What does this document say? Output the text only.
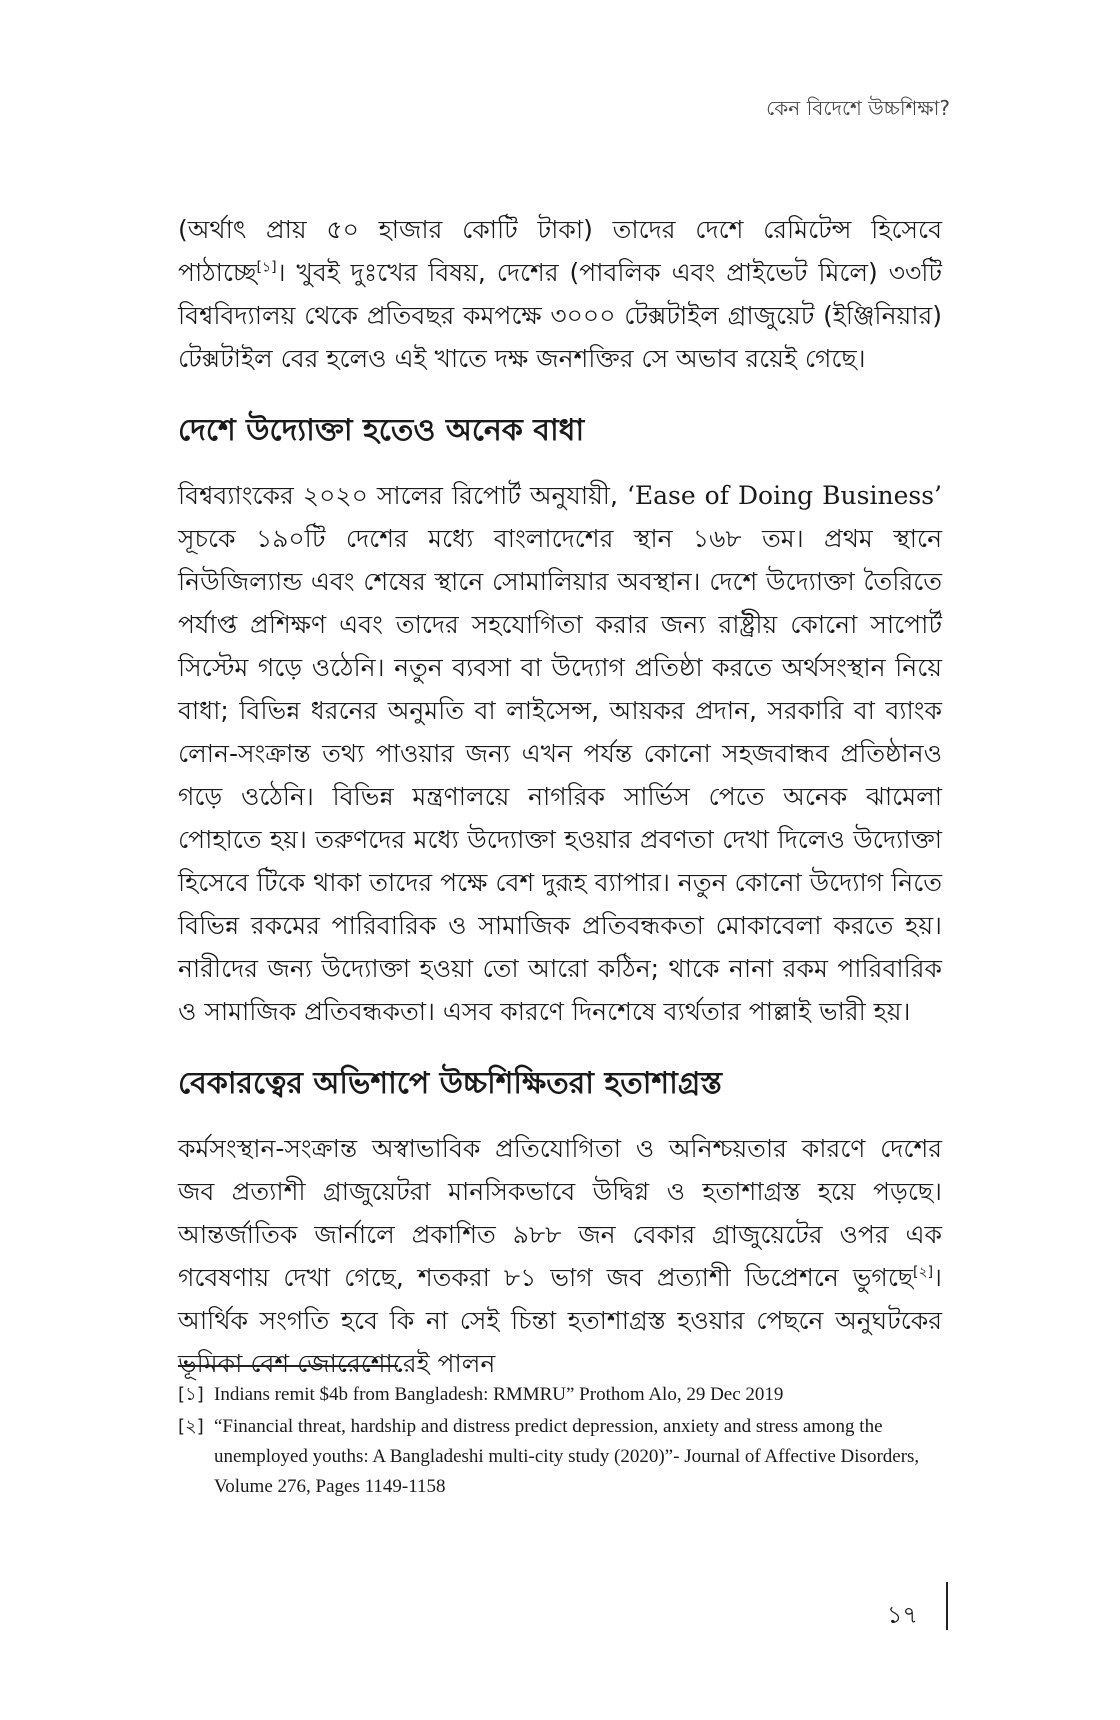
কেন বিদেশে উচ্চশিক্ষা?

(অর্থাৎ প্রায় ৫০ হাজার কোটি টাকা) তাদের দেশে রেমিটেন্স হিসেবে পাঠাচ্ছে[১]। খুবই দুঃখের বিষয়, দেশের (পাবলিক এবং প্রাইভেট মিলে) ৩৩টি বিশ্ববিদ্যালয় থেকে প্রতিবছর কমপক্ষে ৩০০০ টেক্সটাইল গ্রাজুয়েট (ইঞ্জিনিয়ার) টেক্সটাইল বের হলেও এই খাতে দক্ষ জনশক্তির সে অভাব রয়েই গেছে।

দেশে উদ্যোক্তা হতেও অনেক বাধা

বিশ্বব্যাংকের ২০২০ সালের রিপোর্ট অনুযায়ী, ‘Ease of Doing Business’ সূচকে ১৯০টি দেশের মধ্যে বাংলাদেশের স্থান ১৬৮ তম। প্রথম স্থানে নিউজিল্যান্ড এবং শেষের স্থানে সোমালিয়ার অবস্থান। দেশে উদ্যোক্তা তৈরিতে পর্যাপ্ত প্রশিক্ষণ এবং তাদের সহযোগিতা করার জন্য রাষ্ট্রীয় কোনো সাপোর্ট সিস্টেম গড়ে ওঠেনি। নতুন ব্যবসা বা উদ্যোগ প্রতিষ্ঠা করতে অর্থসংস্থান নিয়ে বাধা; বিভিন্ন ধরনের অনুমতি বা লাইসেন্স, আয়কর প্রদান, সরকারি বা ব্যাংক লোন-সংক্রান্ত তথ্য পাওয়ার জন্য এখন পর্যন্ত কোনো সহজবান্ধব প্রতিষ্ঠানও গড়ে ওঠেনি। বিভিন্ন মন্ত্রণালয়ে নাগরিক সার্ভিস পেতে অনেক ঝামেলা পোহাতে হয়। তরুণদের মধ্যে উদ্যোক্তা হওয়ার প্রবণতা দেখা দিলেও উদ্যোক্তা হিসেবে টিকে থাকা তাদের পক্ষে বেশ দুরূহ ব্যাপার। নতুন কোনো উদ্যোগ নিতে বিভিন্ন রকমের পারিবারিক ও সামাজিক প্রতিবন্ধকতা মোকাবেলা করতে হয়। নারীদের জন্য উদ্যোক্তা হওয়া তো আরো কঠিন; থাকে নানা রকম পারিবারিক ও সামাজিক প্রতিবন্ধকতা। এসব কারণে দিনশেষে ব্যর্থতার পাল্লাই ভারী হয়।

বেকারত্বের অভিশাপে উচ্চশিক্ষিতরা হতাশাগ্রস্ত

কর্মসংস্থান-সংক্রান্ত অস্বাভাবিক প্রতিযোগিতা ও অনিশ্চয়তার কারণে দেশের জব প্রত্যাশী গ্রাজুয়েটরা মানসিকভাবে উদ্বিগ্ন ও হতাশাগ্রস্ত হয়ে পড়ছে। আন্তর্জাতিক জার্নালে প্রকাশিত ৯৮৮ জন বেকার গ্রাজুয়েটের ওপর এক গবেষণায় দেখা গেছে, শতকরা ৮১ ভাগ জব প্রত্যাশী ডিপ্রেশনে ভুগছে[২]। আর্থিক সংগতি হবে কি না সেই চিন্তা হতাশাগ্রস্ত হওয়ার পেছনে অনুঘটকের ভূমিকা বেশ জোরেশোরেই পালন

[১] Indians remit $4b from Bangladesh: RMMRU” Prothom Alo, 29 Dec 2019
[২] “Financial threat, hardship and distress predict depression, anxiety and stress among the unemployed youths: A Bangladeshi multi-city study (2020)”- Journal of Affective Disorders, Volume 276, Pages 1149-1158
১৭
